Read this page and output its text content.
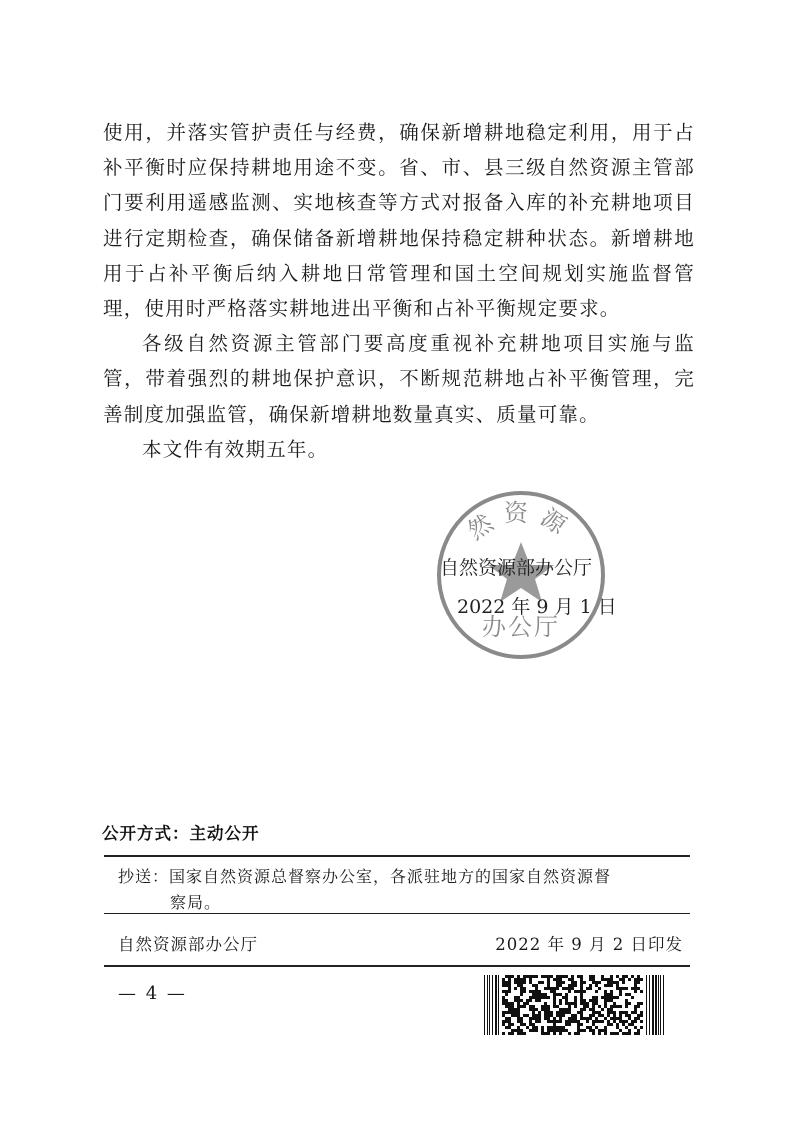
使用，并落实管护责任与经费，确保新增耕地稳定利用，用于占补平衡时应保持耕地用途不变。省、市、县三级自然资源主管部门要利用遥感监测、实地核查等方式对报备入库的补充耕地项目进行定期检查，确保储备新增耕地保持稳定耕种状态。新增耕地用于占补平衡后纳入耕地日常管理和国土空间规划实施监督管理，使用时严格落实耕地进出平衡和占补平衡规定要求。

各级自然资源主管部门要高度重视补充耕地项目实施与监管，带着强烈的耕地保护意识，不断规范耕地占补平衡管理，完善制度加强监管，确保新增耕地数量真实、质量可靠。

本文件有效期五年。

然资源
办公厅
自然资源部办公厅
2022 年 9 月 1 日
公开方式：主动公开
抄送：国家自然资源总督察办公室，各派驻地方的国家自然资源督
察局。
自然资源部办公厅	2022 年 9 月 2 日印发
— 4 —
